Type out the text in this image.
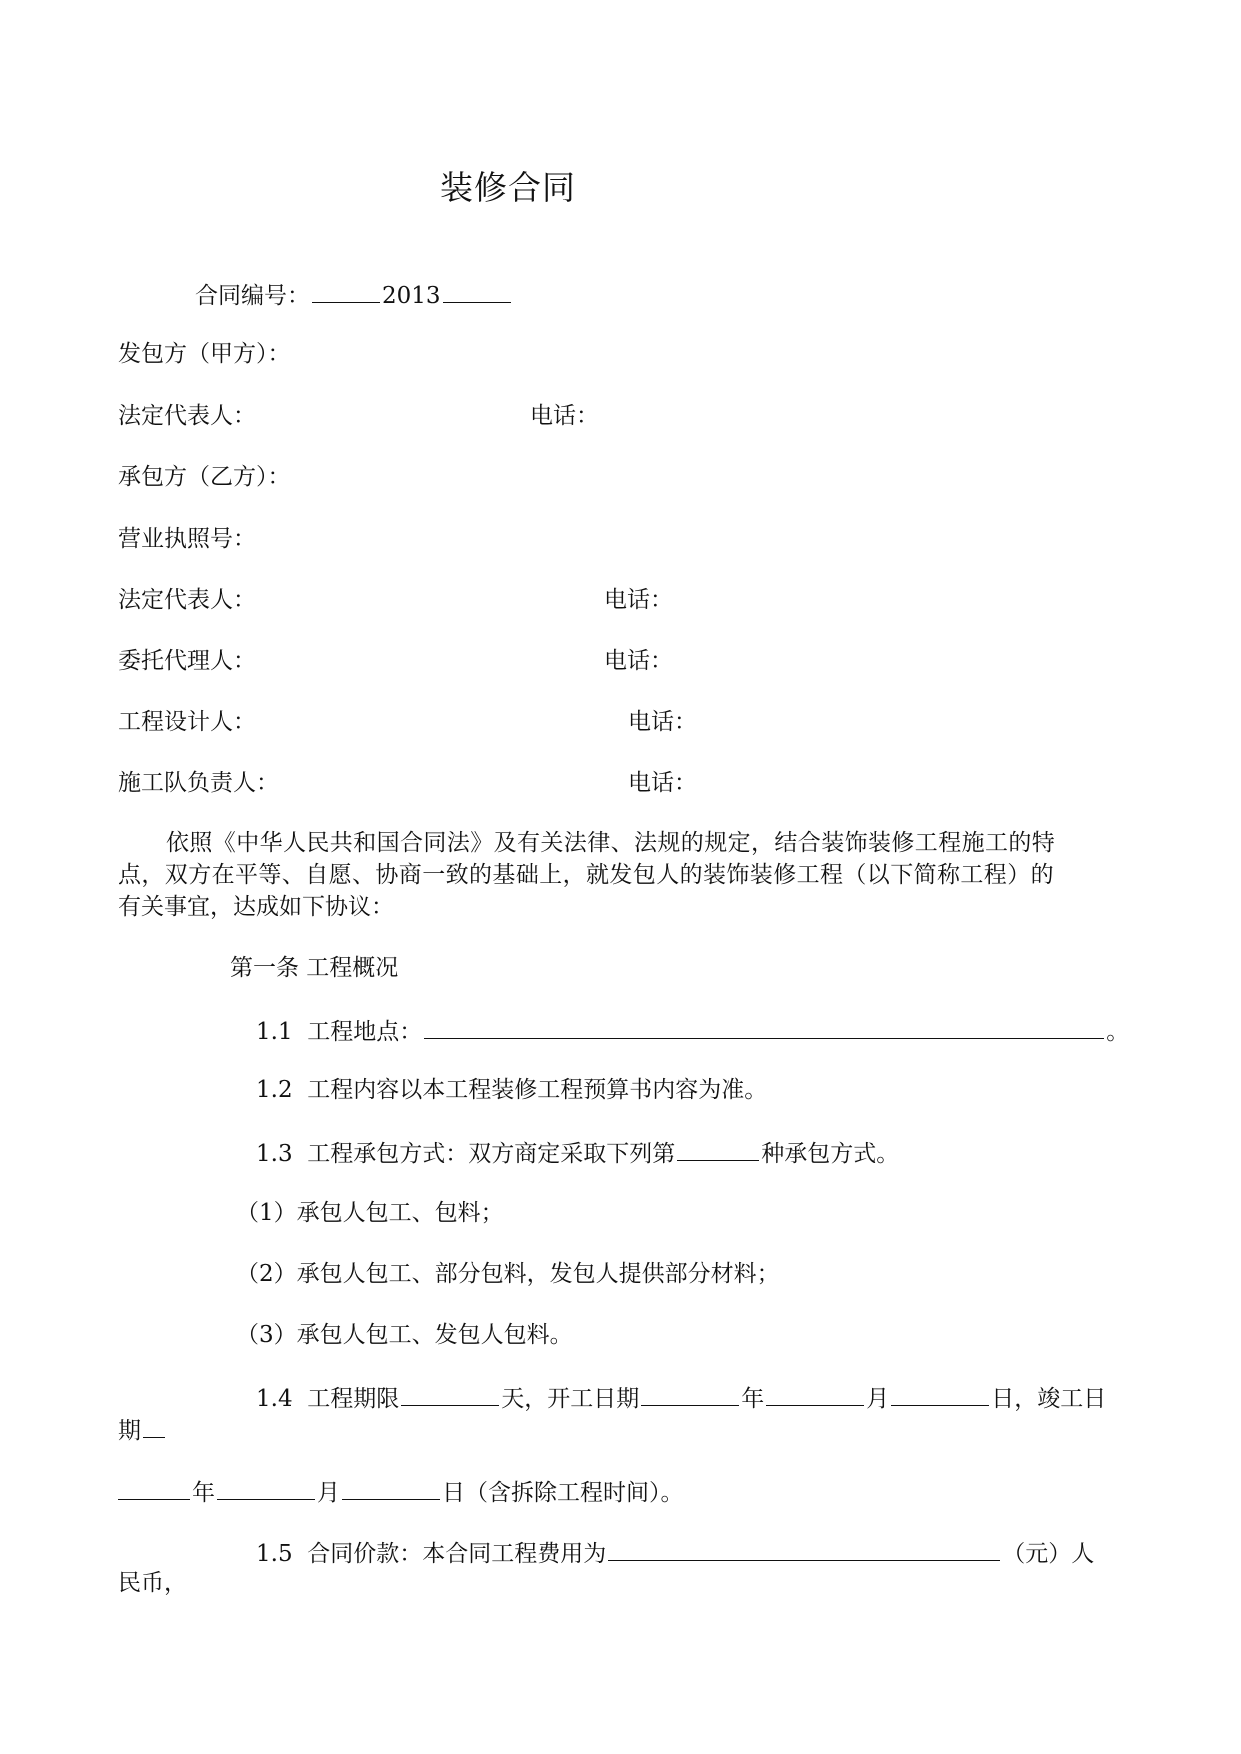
装修合同
合同编号：	2013
发包方（甲方）：
法定代表人：	电话：
承包方（乙方）：
营业执照号：
法定代表人：	电话：
委托代理人：	电话：
工程设计人：	电话：
施工队负责人：	电话：
依照《中华人民共和国合同法》及有关法律、法规的规定，结合装饰装修工程施工的特
点，双方在平等、自愿、协商一致的基础上，就发包人的装饰装修工程（以下简称工程）的
有关事宜，达成如下协议：
第一条 工程概况
1.1 工程地点：	。
1.2 工程内容以本工程装修工程预算书内容为准。
1.3 工程承包方式：双方商定采取下列第	种承包方式。
（1）承包人包工、包料；
（2）承包人包工、部分包料，发包人提供部分材料；
（3）承包人包工、发包人包料。
1.4 工程期限	天，开工日期	年	月	日，竣工日
期
年	月	日（含拆除工程时间）。
1.5 合同价款：本合同工程费用为	（元）人
民币，
